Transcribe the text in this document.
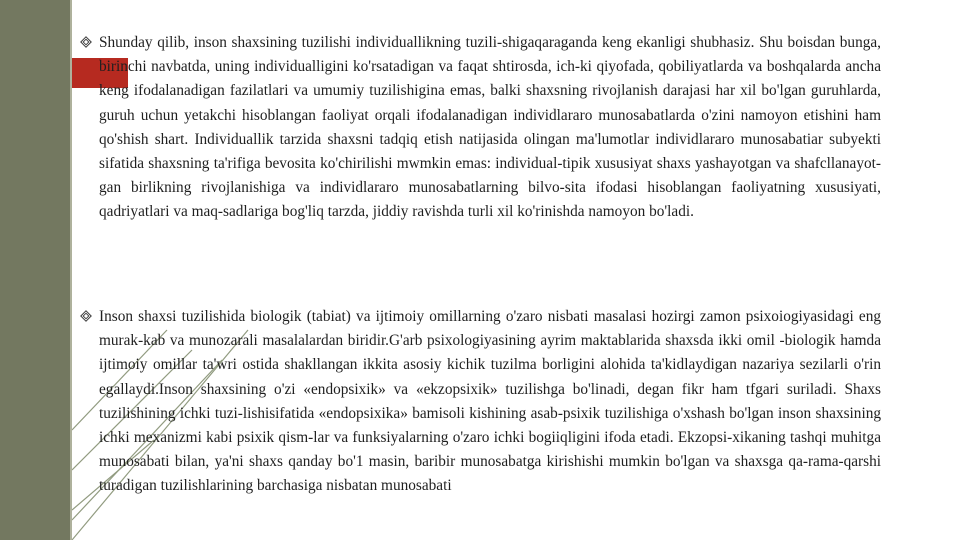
Shunday qilib, inson shaxsining tuzilishi individuallikning tuzili-shigaqaraganda keng ekanligi shubhasiz. Shu boisdan bunga, birinchi navbatda, uning individualligini ko'rsatadigan va faqat shtirosda, ich-ki qiyofada, qobiliyatlarda va boshqalarda ancha keng ifodalanadigan fazilatlari va umumiy tuzilishigina emas, balki shaxsning rivojlanish darajasi har xil bo'lgan guruhlarda, guruh uchun yetakchi hisoblangan faoliyat orqali ifodalanadigan individlararo munosabatlarda o'zini namoyon etishini ham qo'shish shart. Individuallik tarzida shaxsni tadqiq etish natijasida olingan ma'lumotlar individlararo munosabatiar subyekti sifatida shaxsning ta'rifiga bevosita ko'chirilishi mwmkin emas: individual-tipik xususiyat shaxs yashayotgan va shafcllanayot-gan birlikning rivojlanishiga va individlararo munosabatlarning bilvo-sita ifodasi hisoblangan faoliyatning xususiyati, qadriyatlari va maq-sadlariga bog'liq tarzda, jiddiy ravishda turli xil ko'rinishda namoyon bo'ladi.
Inson shaxsi tuzilishida biologik (tabiat) va ijtimoiy omillarning o'zaro nisbati masalasi hozirgi zamon psixoiogiyasidagi eng murak-kab va munozarali masalalardan biridir.G'arb psixologiyasining ayrim maktablarida shaxsda ikki omil -biologik hamda ijtimoiy omillar ta'wri ostida shakllangan ikkita asosiy kichik tuzilma borligini alohida ta'kidlaydigan nazariya sezilarli o'rin egallaydi.Inson shaxsining o'zi «endopsixik» va «ekzopsixik» tuzilishga bo'linadi, degan fikr ham tfgari suriladi. Shaxs tuzilishining ichki tuzi-lishisifatida «endopsixika» bamisoli kishining asab-psixik tuzilishiga o'xshash bo'lgan inson shaxsining ichki mexanizmi kabi psixik qism-lar va funksiyalarning o'zaro ichki bogiiqligini ifoda etadi. Ekzopsi-xikaning tashqi muhitga munosabati bilan, ya'ni shaxs qanday bo'1 masin, baribir munosabatga kirishishi mumkin bo'lgan va shaxsga qa-rama-qarshi turadigan tuzilishlarining barchasiga nisbatan munosabati
